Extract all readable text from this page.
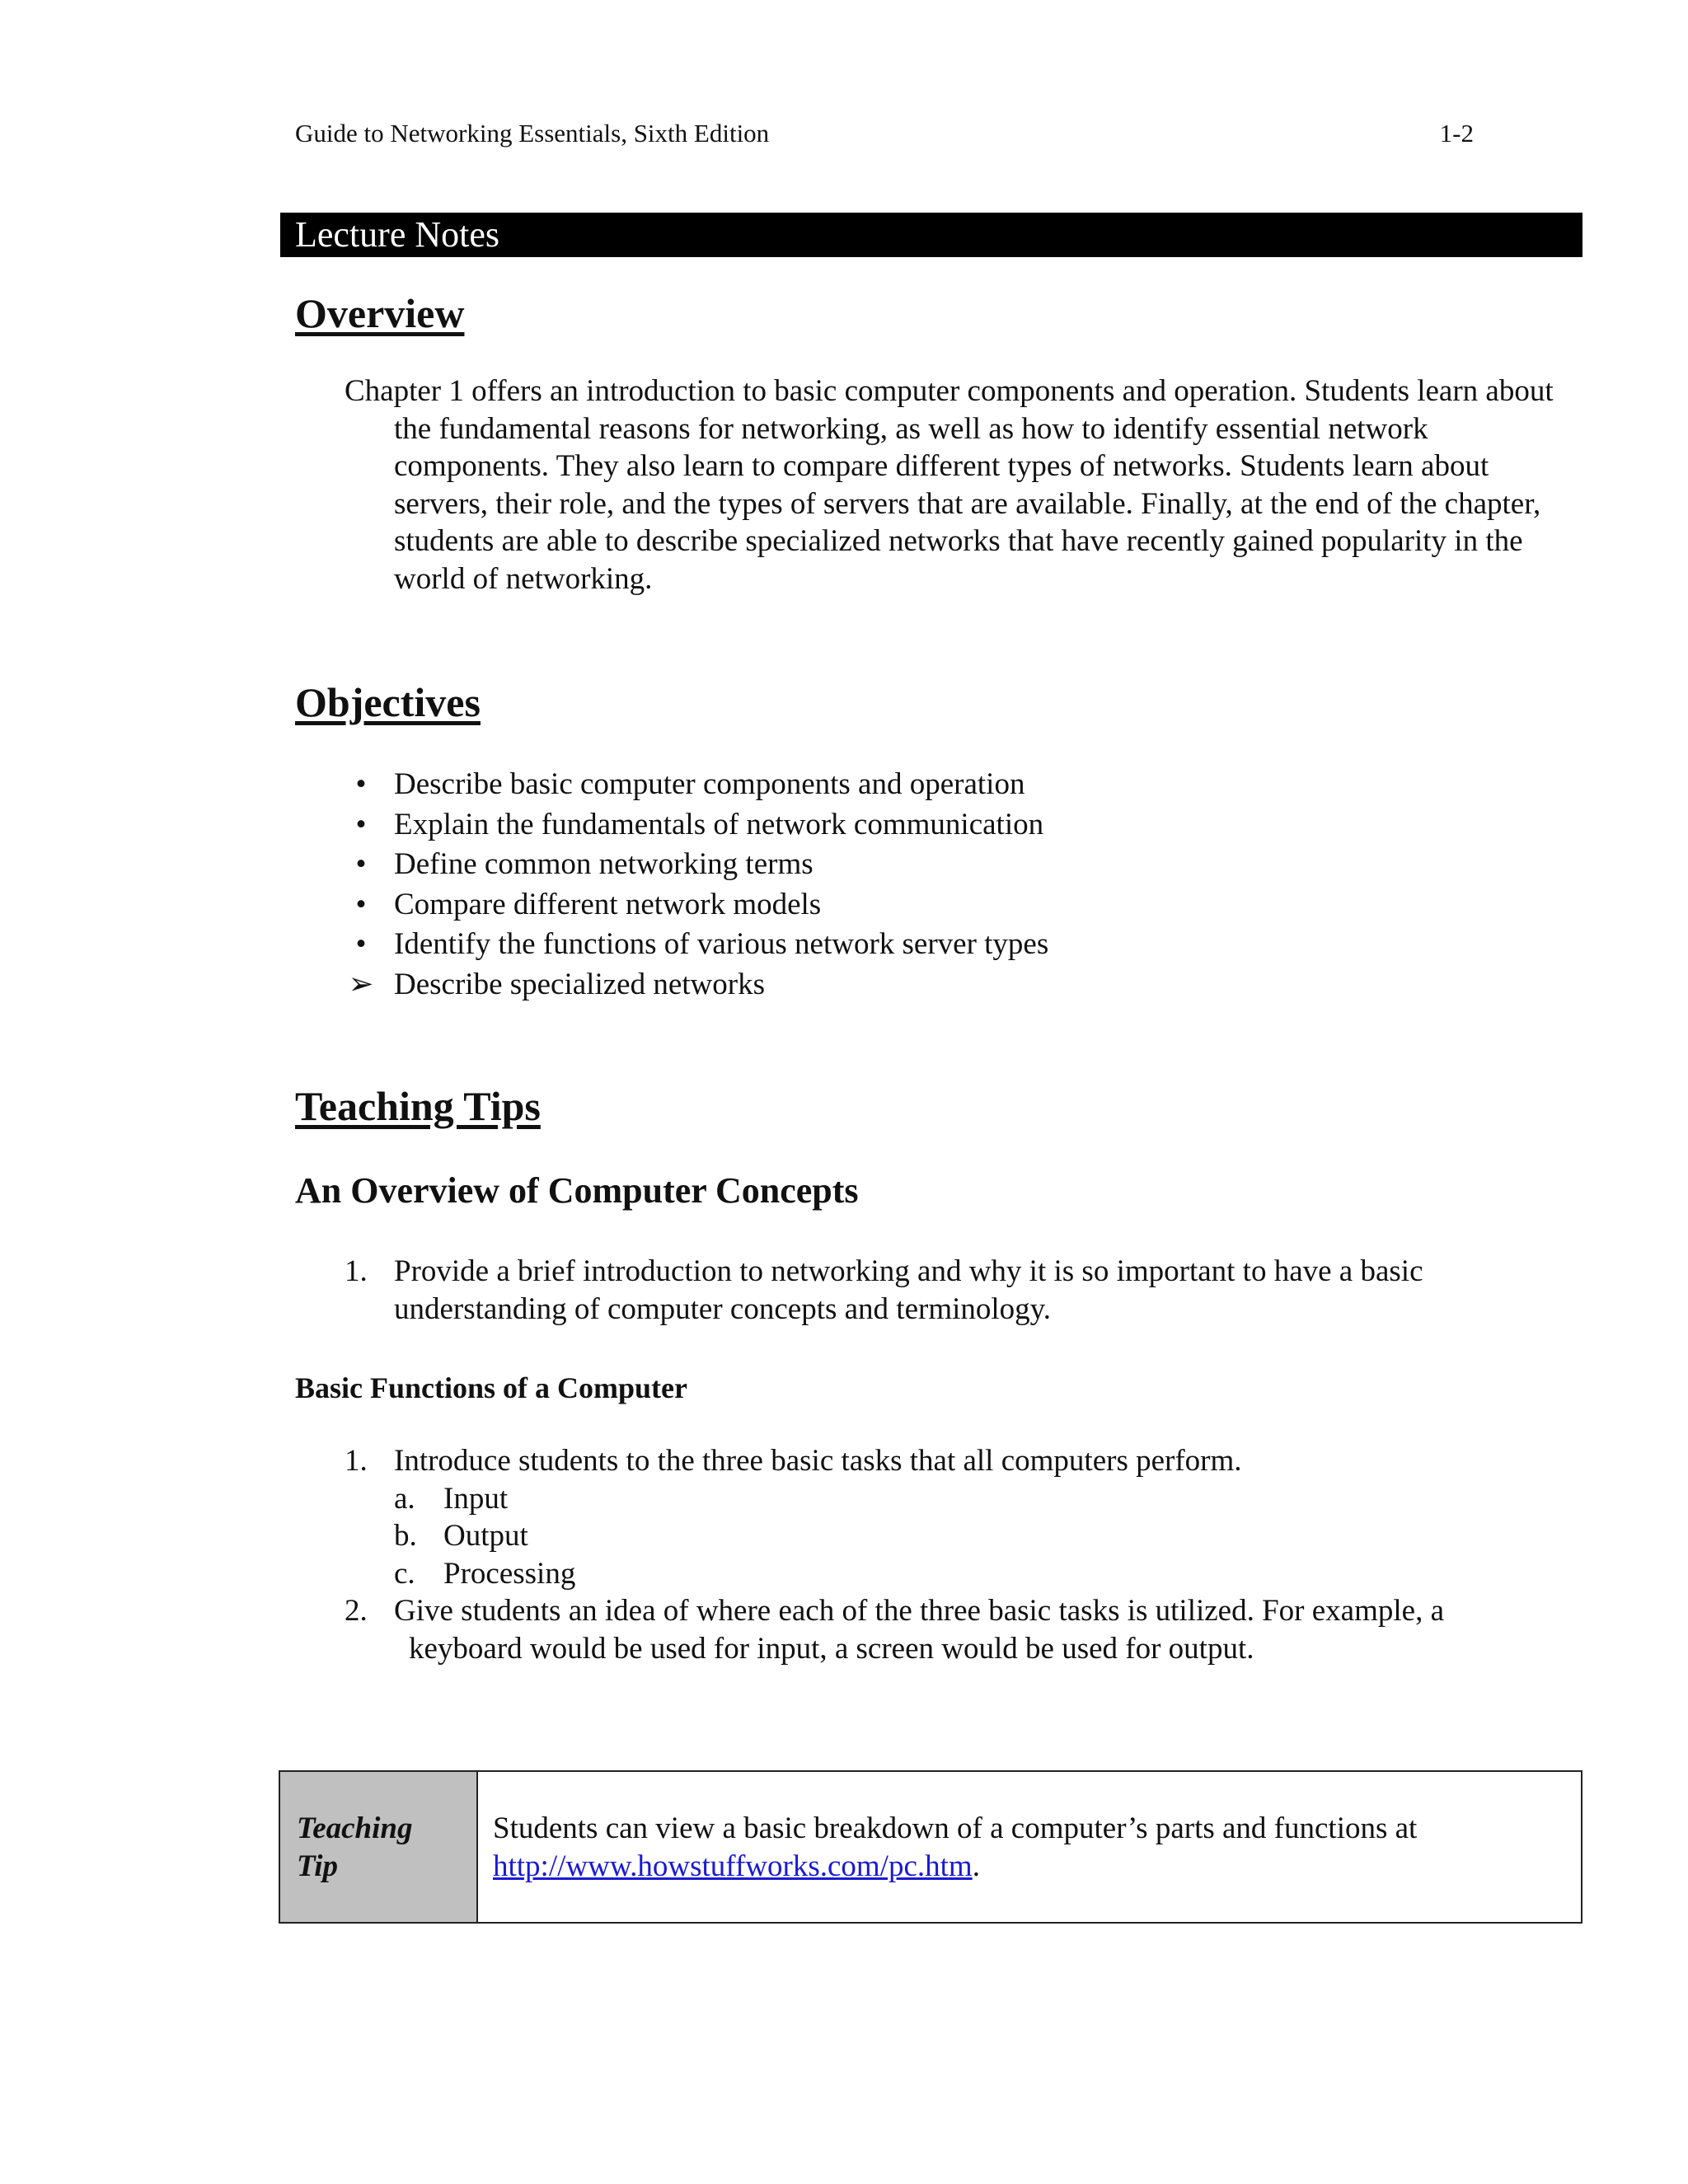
Guide to Networking Essentials, Sixth Edition	1-2
Lecture Notes
Overview
Chapter 1 offers an introduction to basic computer components and operation. Students learn about the fundamental reasons for networking, as well as how to identify essential network components. They also learn to compare different types of networks. Students learn about servers, their role, and the types of servers that are available. Finally, at the end of the chapter, students are able to describe specialized networks that have recently gained popularity in the world of networking.
Objectives
• Describe basic computer components and operation
• Explain the fundamentals of network communication
• Define common networking terms
• Compare different network models
• Identify the functions of various network server types
➢ Describe specialized networks
Teaching Tips
An Overview of Computer Concepts
1. Provide a brief introduction to networking and why it is so important to have a basic understanding of computer concepts and terminology.
Basic Functions of a Computer
1. Introduce students to the three basic tasks that all computers perform.
a. Input
b. Output
c. Processing
2. Give students an idea of where each of the three basic tasks is utilized. For example, a
keyboard would be used for input, a screen would be used for output.
Teaching
Tip
Students can view a basic breakdown of a computer’s parts and functions at
http://www.howstuffworks.com/pc.htm.
